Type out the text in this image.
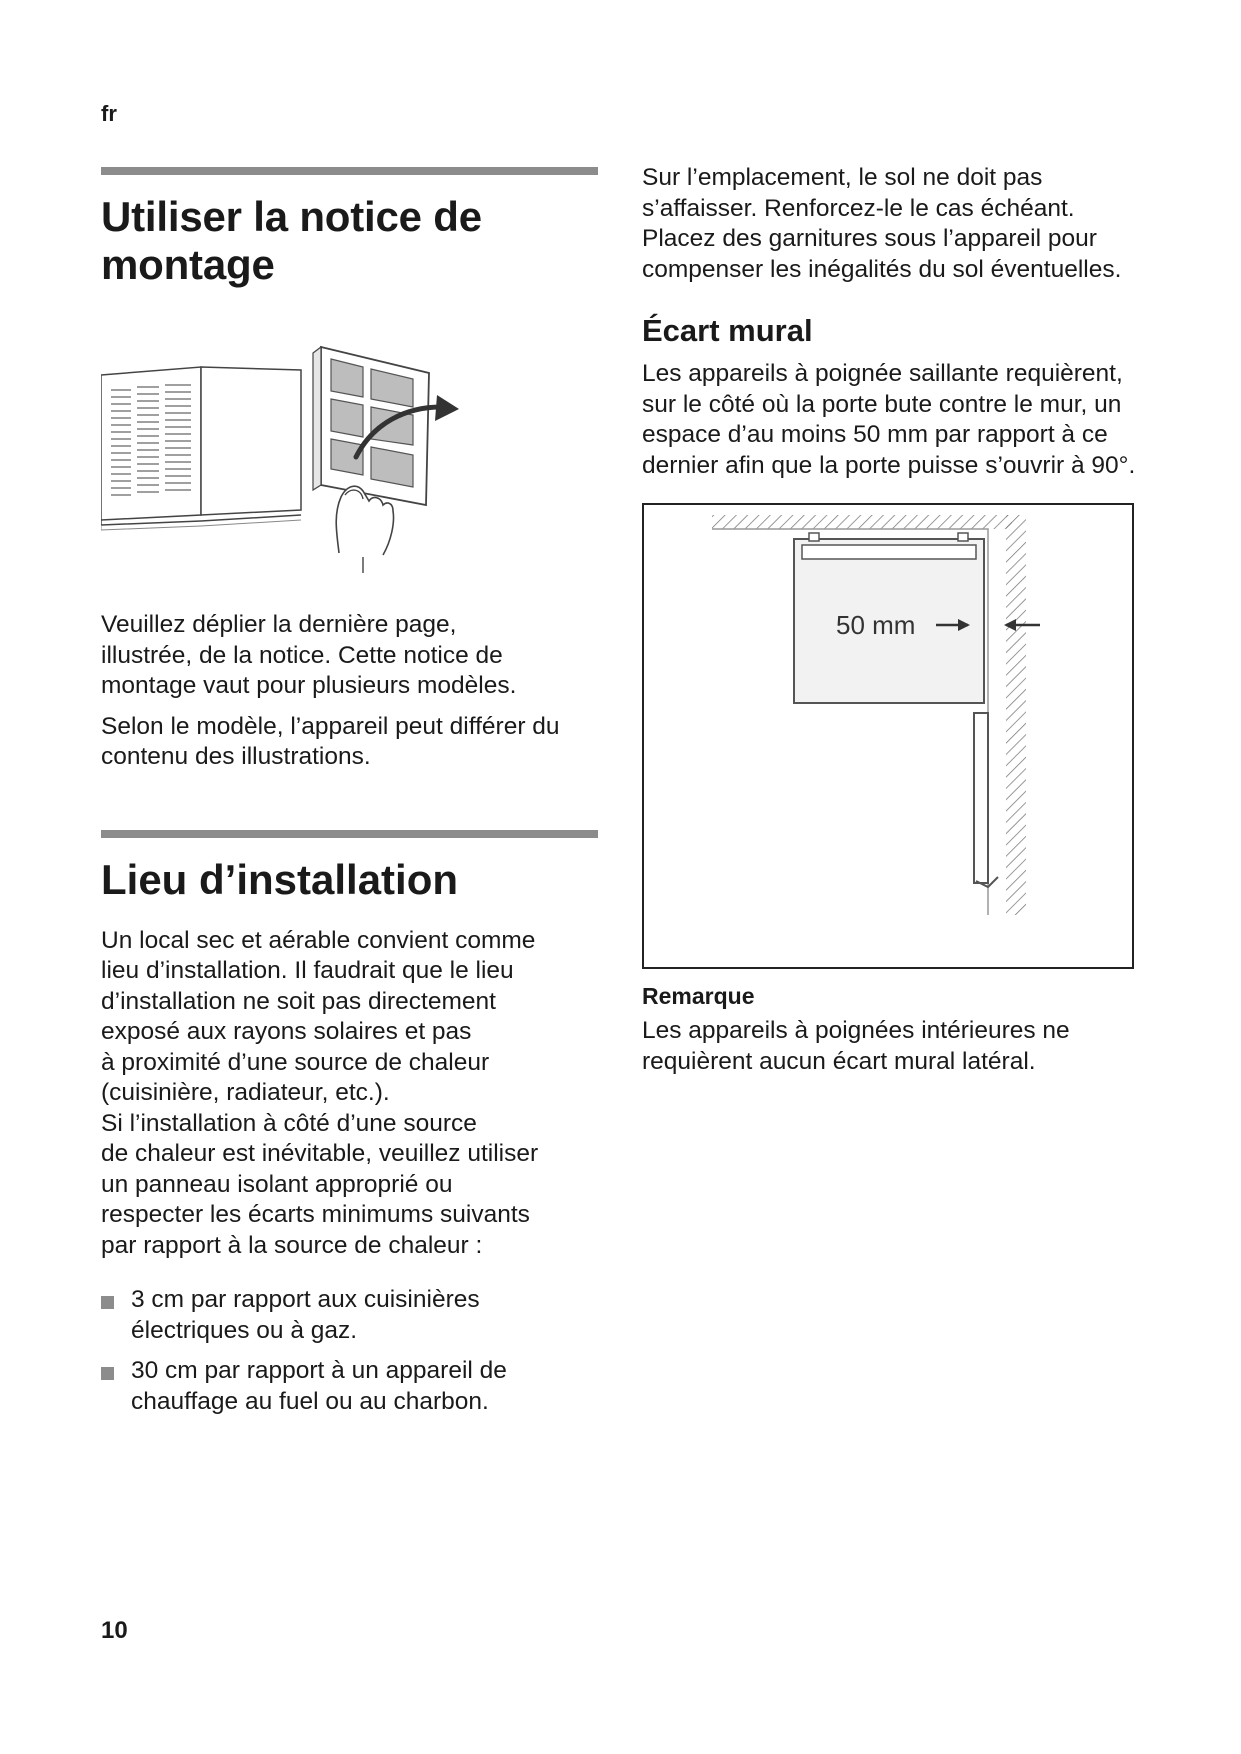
fr
Utiliser la notice de
montage

Veuillez déplier la dernière page, illustrée, de la notice. Cette notice de montage vaut pour plusieurs modèles.

Selon le modèle, l’appareil peut différer du contenu des illustrations.

Lieu d’installation

Un local sec et aérable convient comme

lieu d’installation. Il faudrait que le lieu

d’installation ne soit pas directement

exposé aux rayons solaires et pas

à proximité d’une source de chaleur

(cuisinière, radiateur, etc.).

Si l’installation à côté d’une source

de chaleur est inévitable, veuillez utiliser

un panneau isolant approprié ou

respecter les écarts minimums suivants

par rapport à la source de chaleur :

3 cm par rapport aux cuisinières électriques ou à gaz.
30 cm par rapport à un appareil de chauffage au fuel ou au charbon.

Sur l’emplacement, le sol ne doit pas s’affaisser. Renforcez-le le cas échéant. Placez des garnitures sous l’appareil pour compenser les inégalités du sol éventuelles.

Écart mural

Les appareils à poignée saillante requièrent, sur le côté où la porte bute contre le mur, un espace d’au moins 50 mm par rapport à ce dernier afin que la porte puisse s’ouvrir à 90°.

50 mm
Remarque

Les appareils à poignées intérieures ne requièrent aucun écart mural latéral.

10
